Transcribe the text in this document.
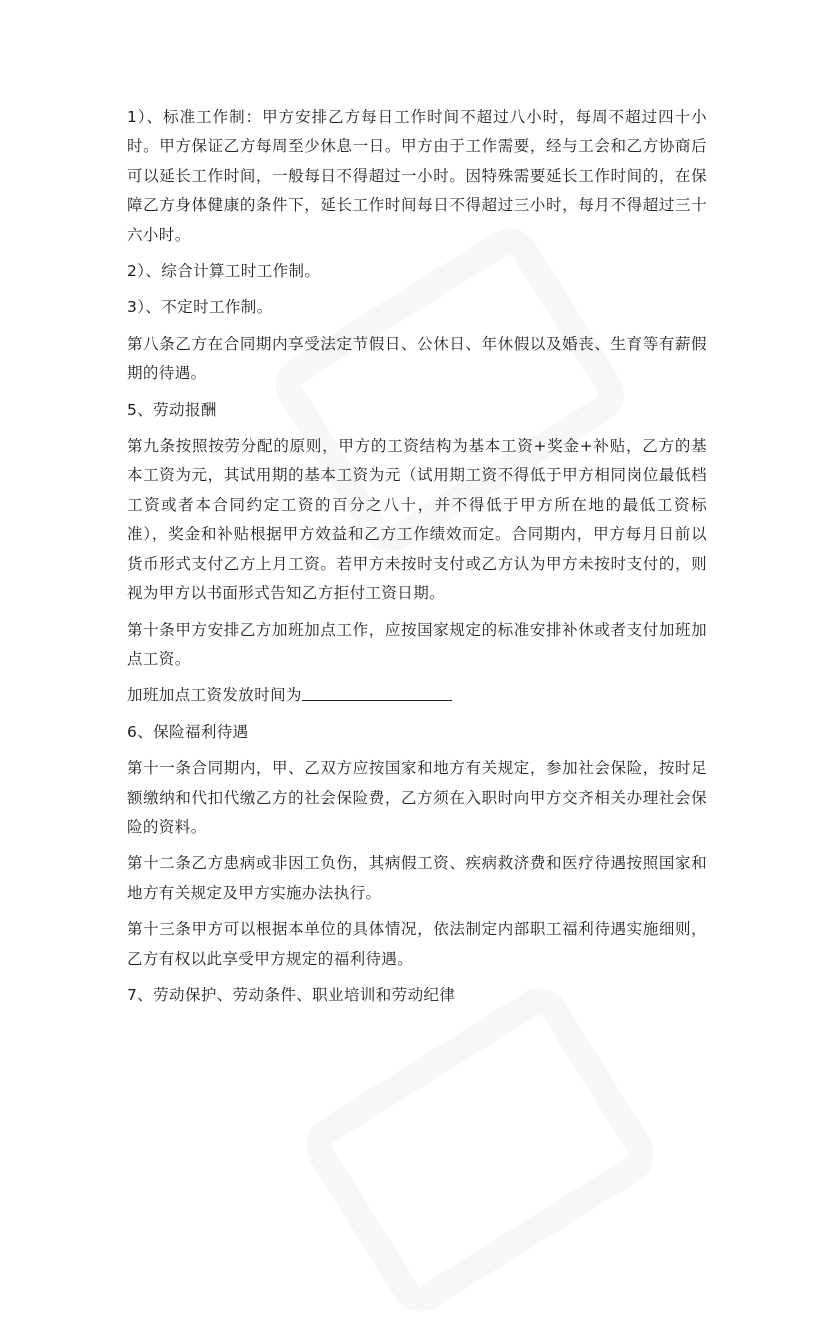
1）、标准工作制：甲方安排乙方每日工作时间不超过八小时，每周不超过四十小时。甲方保证乙方每周至少休息一日。甲方由于工作需要，经与工会和乙方协商后可以延长工作时间，一般每日不得超过一小时。因特殊需要延长工作时间的，在保障乙方身体健康的条件下，延长工作时间每日不得超过三小时，每月不得超过三十六小时。

2）、综合计算工时工作制。

3）、不定时工作制。

第八条乙方在合同期内享受法定节假日、公休日、年休假以及婚丧、生育等有薪假期的待遇。

5、劳动报酬

第九条按照按劳分配的原则，甲方的工资结构为基本工资+奖金+补贴，乙方的基本工资为元，其试用期的基本工资为元（试用期工资不得低于甲方相同岗位最低档工资或者本合同约定工资的百分之八十，并不得低于甲方所在地的最低工资标准），奖金和补贴根据甲方效益和乙方工作绩效而定。合同期内，甲方每月日前以货币形式支付乙方上月工资。若甲方未按时支付或乙方认为甲方未按时支付的，则视为甲方以书面形式告知乙方拒付工资日期。

第十条甲方安排乙方加班加点工作，应按国家规定的标准安排补休或者支付加班加点工资。

加班加点工资发放时间为

6、保险福利待遇

第十一条合同期内，甲、乙双方应按国家和地方有关规定，参加社会保险，按时足额缴纳和代扣代缴乙方的社会保险费，乙方须在入职时向甲方交齐相关办理社会保险的资料。

第十二条乙方患病或非因工负伤，其病假工资、疾病救济费和医疗待遇按照国家和地方有关规定及甲方实施办法执行。

第十三条甲方可以根据本单位的具体情况，依法制定内部职工福利待遇实施细则，乙方有权以此享受甲方规定的福利待遇。

7、劳动保护、劳动条件、职业培训和劳动纪律
